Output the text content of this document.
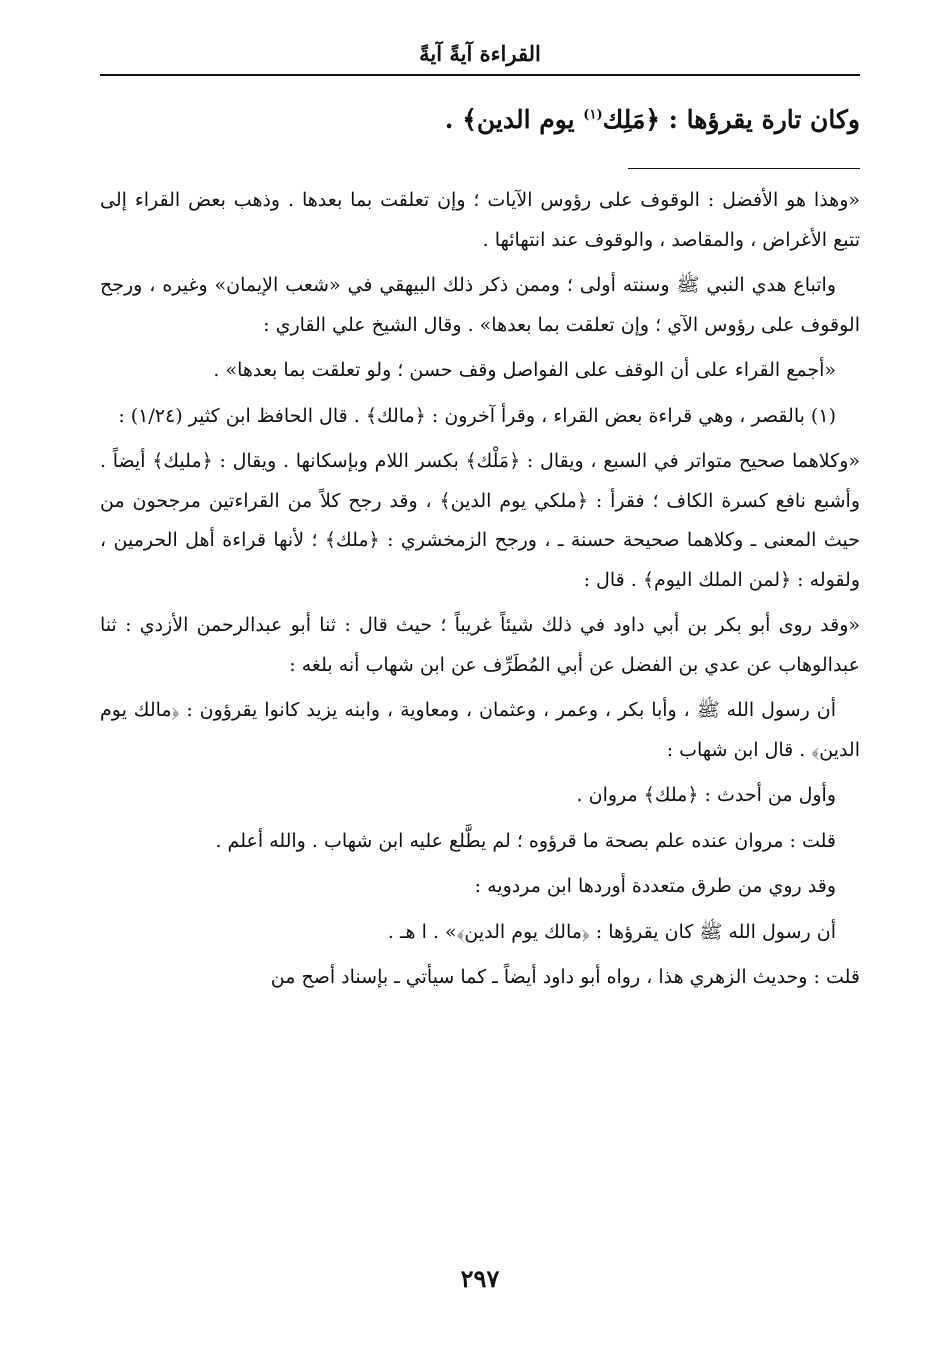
القراءة آيةً آيةً
وكان تارة يقرؤها : ﴿مَلِك$^{(١)}$ يوم الدين﴾ .

«وهذا هو الأفضل : الوقوف على رؤوس الآيات ؛ وإن تعلقت بما بعدها . وذهب بعض القراء إلى تتبع الأغراض ، والمقاصد ، والوقوف عند انتهائها .

واتباع هدي النبي ﷺ وسنته أولى ؛ وممن ذكر ذلك البيهقي في «شعب الإيمان» وغيره ، ورجح الوقوف على رؤوس الآي ؛ وإن تعلقت بما بعدها» . وقال الشيخ علي القاري :

«أجمع القراء على أن الوقف على الفواصل وقف حسن ؛ ولو تعلقت بما بعدها» .

(١) بالقصر ، وهي قراءة بعض القراء ، وقرأ آخرون : ﴿مالك﴾ . قال الحافظ ابن كثير (١/٢٤) :

«وكلاهما صحيح متواتر في السبع ، ويقال : ﴿مَلْك﴾ بكسر اللام وبإسكانها . ويقال : ﴿مليك﴾ أيضاً . وأشبع نافع كسرة الكاف ؛ فقرأ : ﴿ملكي يوم الدين﴾ ، وقد رجح كلاً من القراءتين مرجحون من حيث المعنى ـ وكلاهما صحيحة حسنة ـ ، ورجح الزمخشري : ﴿ملك﴾ ؛ لأنها قراءة أهل الحرمين ، ولقوله : ﴿لمن الملك اليوم﴾ . قال :

«وقد روى أبو بكر بن أبي داود في ذلك شيئاً غريباً ؛ حيث قال : ثنا أبو عبدالرحمن الأزدي : ثنا عبدالوهاب عن عدي بن الفضل عن أبي المُطَرِّف عن ابن شهاب أنه بلغه :

أن رسول الله ﷺ ، وأبا بكر ، وعمر ، وعثمان ، ومعاوية ، وابنه يزيد كانوا يقرؤون : ﴿مالك يوم الدين﴾ . قال ابن شهاب :

وأول من أحدث : ﴿ملك﴾ مروان .

قلت : مروان عنده علم بصحة ما قرؤوه ؛ لم يطَّلع عليه ابن شهاب . والله أعلم .

وقد روي من طرق متعددة أوردها ابن مردويه :

أن رسول الله ﷺ كان يقرؤها : ﴿مالك يوم الدين﴾» . ا هـ .

قلت : وحديث الزهري هذا ، رواه أبو داود أيضاً ـ كما سيأتي ـ بإسناد أصح من

٢٩٧
